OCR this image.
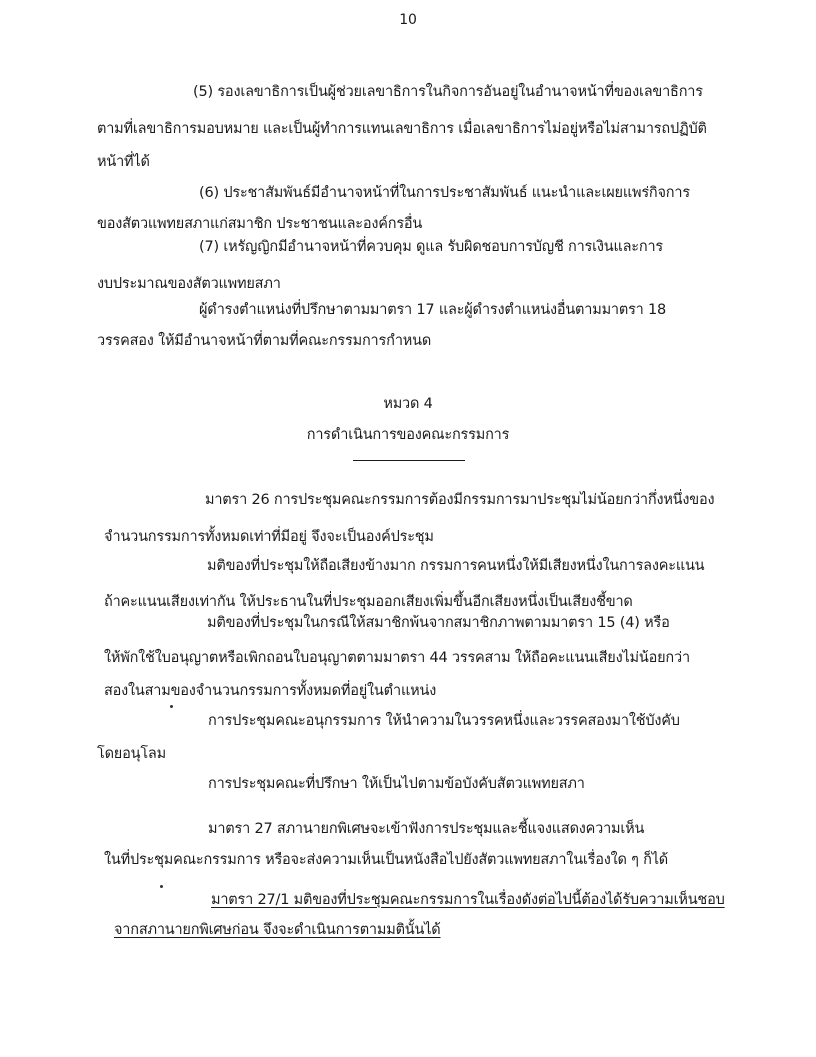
10
(5) รองเลขาธิการเป็นผู้ช่วยเลขาธิการในกิจการอันอยู่ในอำนาจหน้าที่ของเลขาธิการ
ตามที่เลขาธิการมอบหมาย และเป็นผู้ทำการแทนเลขาธิการ เมื่อเลขาธิการไม่อยู่หรือไม่สามารถปฏิบัติ
หน้าที่ได้
(6) ประชาสัมพันธ์มีอำนาจหน้าที่ในการประชาสัมพันธ์ แนะนำและเผยแพร่กิจการ
ของสัตวแพทยสภาแก่สมาชิก ประชาชนและองค์กรอื่น
(7) เหรัญญิกมีอำนาจหน้าที่ควบคุม ดูแล รับผิดชอบการบัญชี การเงินและการ
งบประมาณของสัตวแพทยสภา
ผู้ดำรงตำแหน่งที่ปรึกษาตามมาตรา 17 และผู้ดำรงตำแหน่งอื่นตามมาตรา 18
วรรคสอง ให้มีอำนาจหน้าที่ตามที่คณะกรรมการกำหนด
หมวด 4
การดำเนินการของคณะกรรมการ
มาตรา 26 การประชุมคณะกรรมการต้องมีกรรมการมาประชุมไม่น้อยกว่ากึ่งหนึ่งของ
จำนวนกรรมการทั้งหมดเท่าที่มีอยู่ จึงจะเป็นองค์ประชุม
มติของที่ประชุมให้ถือเสียงข้างมาก กรรมการคนหนึ่งให้มีเสียงหนึ่งในการลงคะแนน
ถ้าคะแนนเสียงเท่ากัน ให้ประธานในที่ประชุมออกเสียงเพิ่มขึ้นอีกเสียงหนึ่งเป็นเสียงชี้ขาด
มติของที่ประชุมในกรณีให้สมาชิกพ้นจากสมาชิกภาพตามมาตรา 15 (4) หรือ
ให้พักใช้ใบอนุญาตหรือเพิกถอนใบอนุญาตตามมาตรา 44 วรรคสาม ให้ถือคะแนนเสียงไม่น้อยกว่า
สองในสามของจำนวนกรรมการทั้งหมดที่อยู่ในตำแหน่ง
การประชุมคณะอนุกรรมการ ให้นำความในวรรคหนึ่งและวรรคสองมาใช้บังคับ
โดยอนุโลม
การประชุมคณะที่ปรึกษา ให้เป็นไปตามข้อบังคับสัตวแพทยสภา
มาตรา 27 สภานายกพิเศษจะเข้าฟังการประชุมและชี้แจงแสดงความเห็น
ในที่ประชุมคณะกรรมการ หรือจะส่งความเห็นเป็นหนังสือไปยังสัตวแพทยสภาในเรื่องใด ๆ ก็ได้
มาตรา 27/1 มติของที่ประชุมคณะกรรมการในเรื่องดังต่อไปนี้ต้องได้รับความเห็นชอบ
จากสภานายกพิเศษก่อน จึงจะดำเนินการตามมตินั้นได้
